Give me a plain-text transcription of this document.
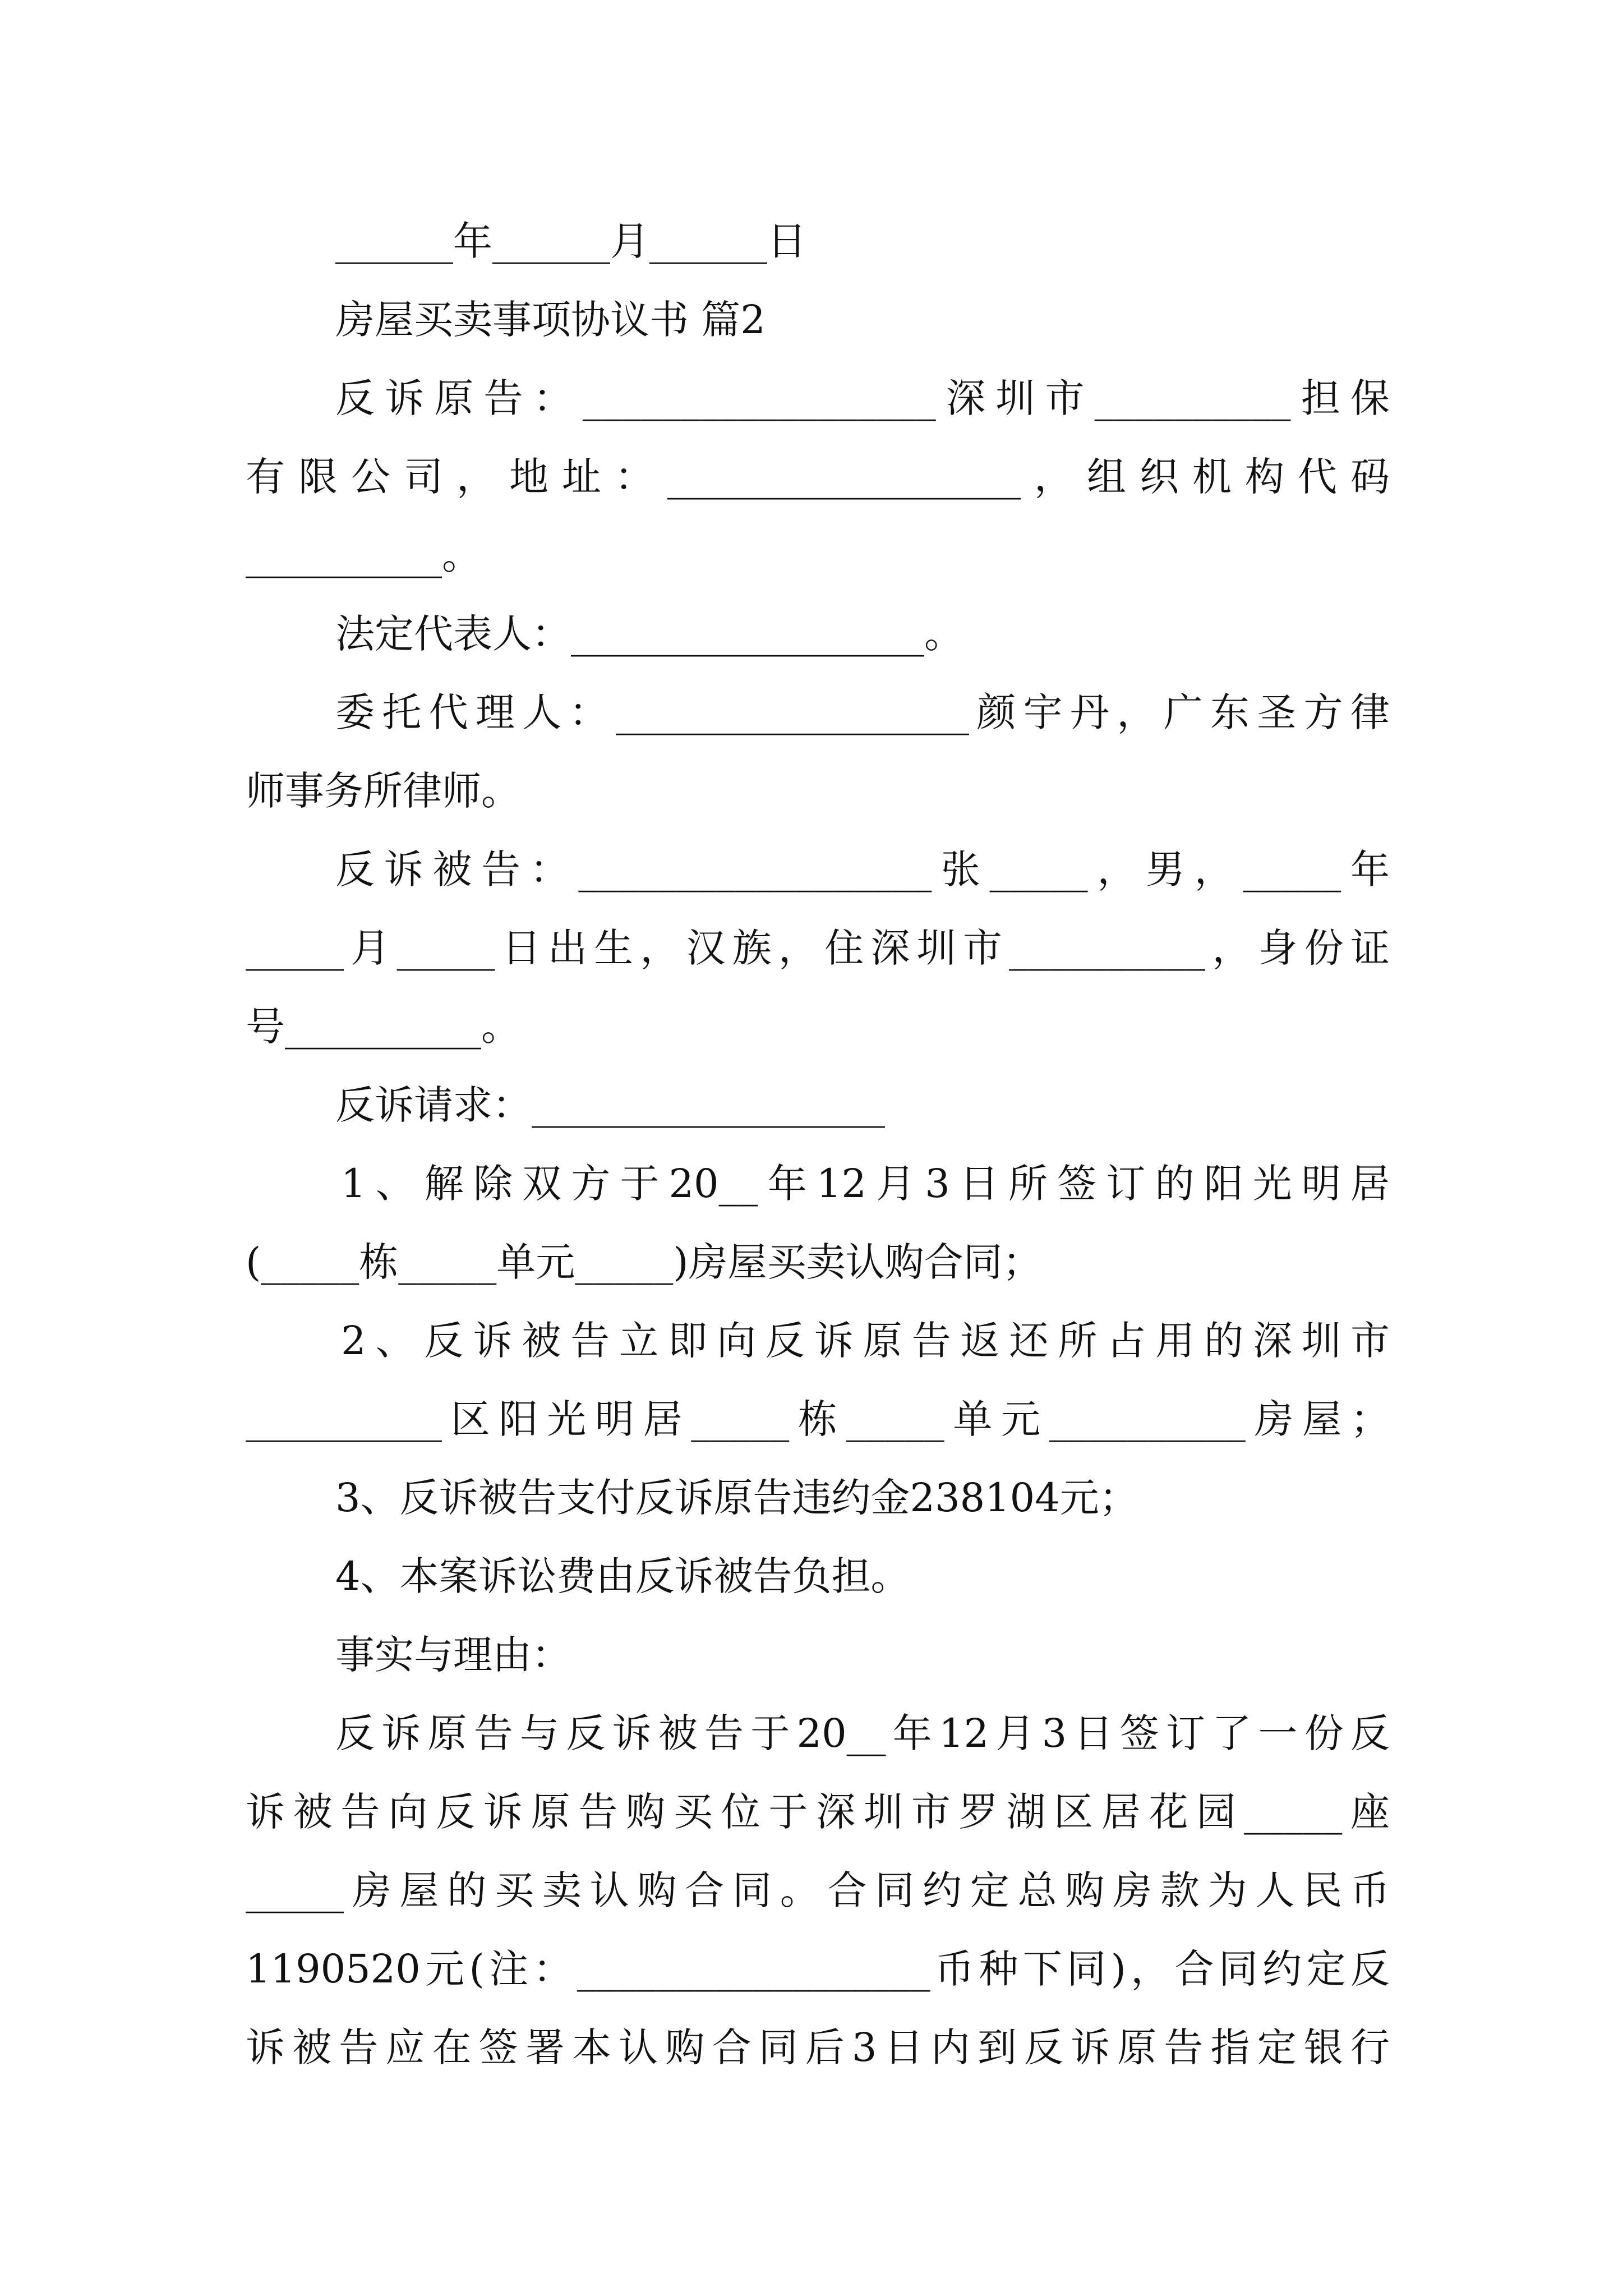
______年______月______日
房屋买卖事项协议书 篇2
反诉原告：__________________深圳市__________担保
有限公司，地址：__________________，组织机构代码
__________。
法定代表人：__________________。
委托代理人：__________________颜宇丹，广东圣方律
师事务所律师。
反诉被告：__________________张_____，男，_____年
_____月_____日出生，汉族，住深圳市__________，身份证
号__________。
反诉请求：__________________
1、解除双方于20__年12月3日所签订的阳光明居
(_____栋_____单元_____)房屋买卖认购合同；
2、反诉被告立即向反诉原告返还所占用的深圳市
__________区阳光明居_____栋_____单元__________房屋；
3、反诉被告支付反诉原告违约金238104元；
4、本案诉讼费由反诉被告负担。
事实与理由：
反诉原告与反诉被告于20__年12月3日签订了一份反
诉被告向反诉原告购买位于深圳市罗湖区居花园_____座
_____房屋的买卖认购合同。合同约定总购房款为人民币
1190520元(注：__________________币种下同)，合同约定反
诉被告应在签署本认购合同后3日内到反诉原告指定银行
